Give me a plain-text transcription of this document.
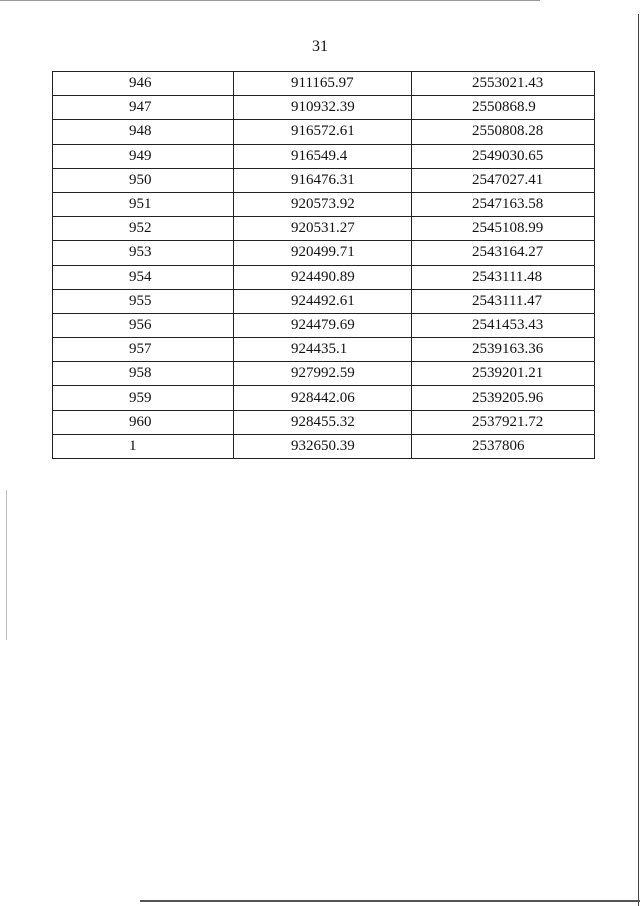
31
946	911165.97	2553021.43
947	910932.39	2550868.9
948	916572.61	2550808.28
949	916549.4	2549030.65
950	916476.31	2547027.41
951	920573.92	2547163.58
952	920531.27	2545108.99
953	920499.71	2543164.27
954	924490.89	2543111.48
955	924492.61	2543111.47
956	924479.69	2541453.43
957	924435.1	2539163.36
958	927992.59	2539201.21
959	928442.06	2539205.96
960	928455.32	2537921.72
1	932650.39	2537806
